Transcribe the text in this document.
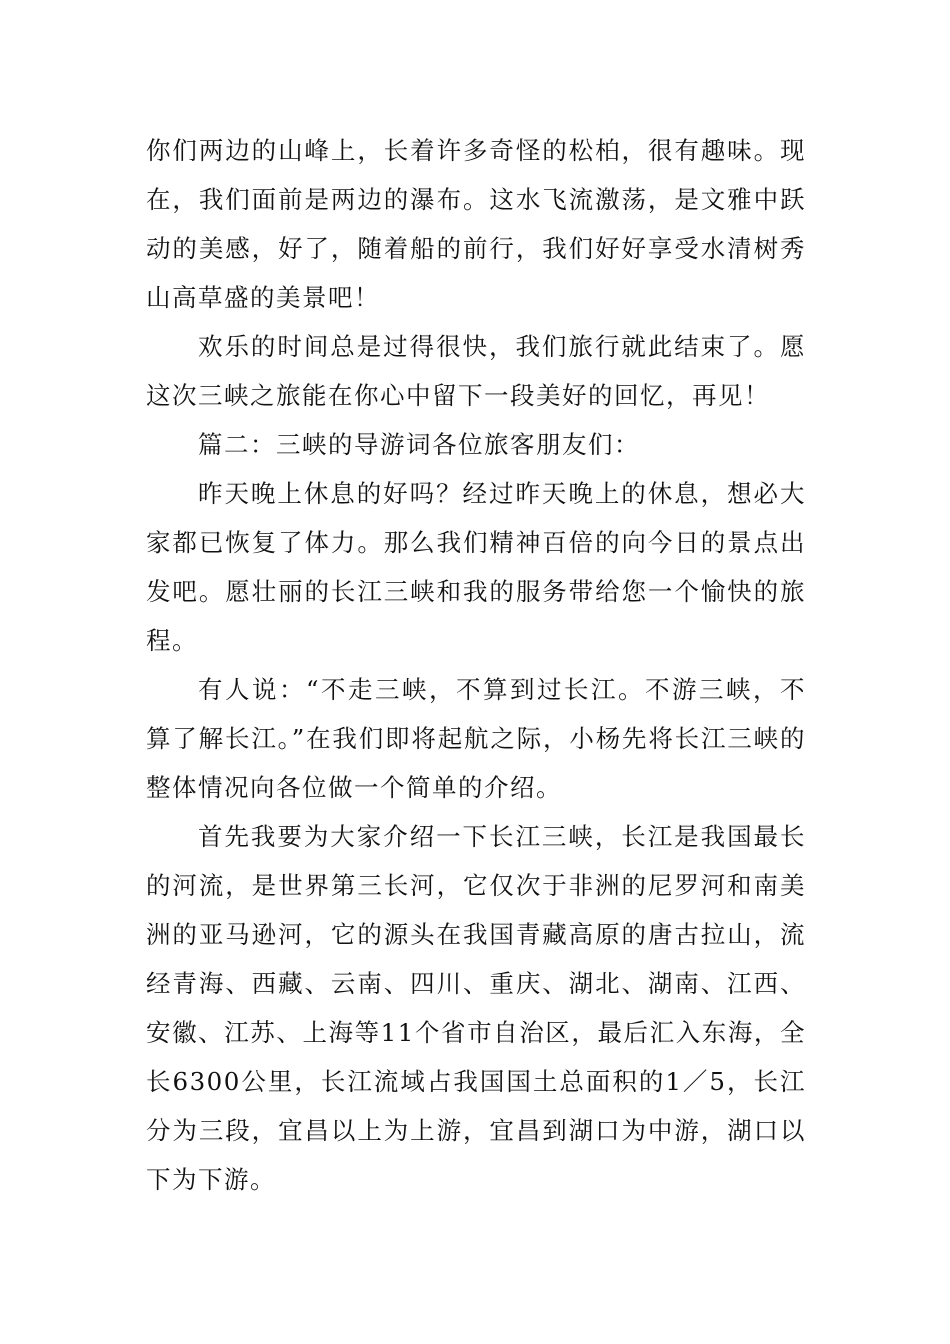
你们两边的山峰上，长着许多奇怪的松柏，很有趣味。现在，我们面前是两边的瀑布。这水飞流激荡，是文雅中跃动的美感，好了，随着船的前行，我们好好享受水清树秀山高草盛的美景吧！

欢乐的时间总是过得很快，我们旅行就此结束了。愿这次三峡之旅能在你心中留下一段美好的回忆，再见！

篇二：三峡的导游词各位旅客朋友们：

昨天晚上休息的好吗？经过昨天晚上的休息，想必大家都已恢复了体力。那么我们精神百倍的向今日的景点出发吧。愿壮丽的长江三峡和我的服务带给您一个愉快的旅程。

有人说：“不走三峡，不算到过长江。不游三峡，不算了解长江。”在我们即将起航之际，小杨先将长江三峡的整体情况向各位做一个简单的介绍。

首先我要为大家介绍一下长江三峡，长江是我国最长的河流，是世界第三长河，它仅次于非洲的尼罗河和南美洲的亚马逊河，它的源头在我国青藏高原的唐古拉山，流经青海、西藏、云南、四川、重庆、湖北、湖南、江西、安徽、江苏、上海等11个省市自治区，最后汇入东海，全长6300公里，长江流域占我国国土总面积的1／5，长江分为三段，宜昌以上为上游，宜昌到湖口为中游，湖口以下为下游。
